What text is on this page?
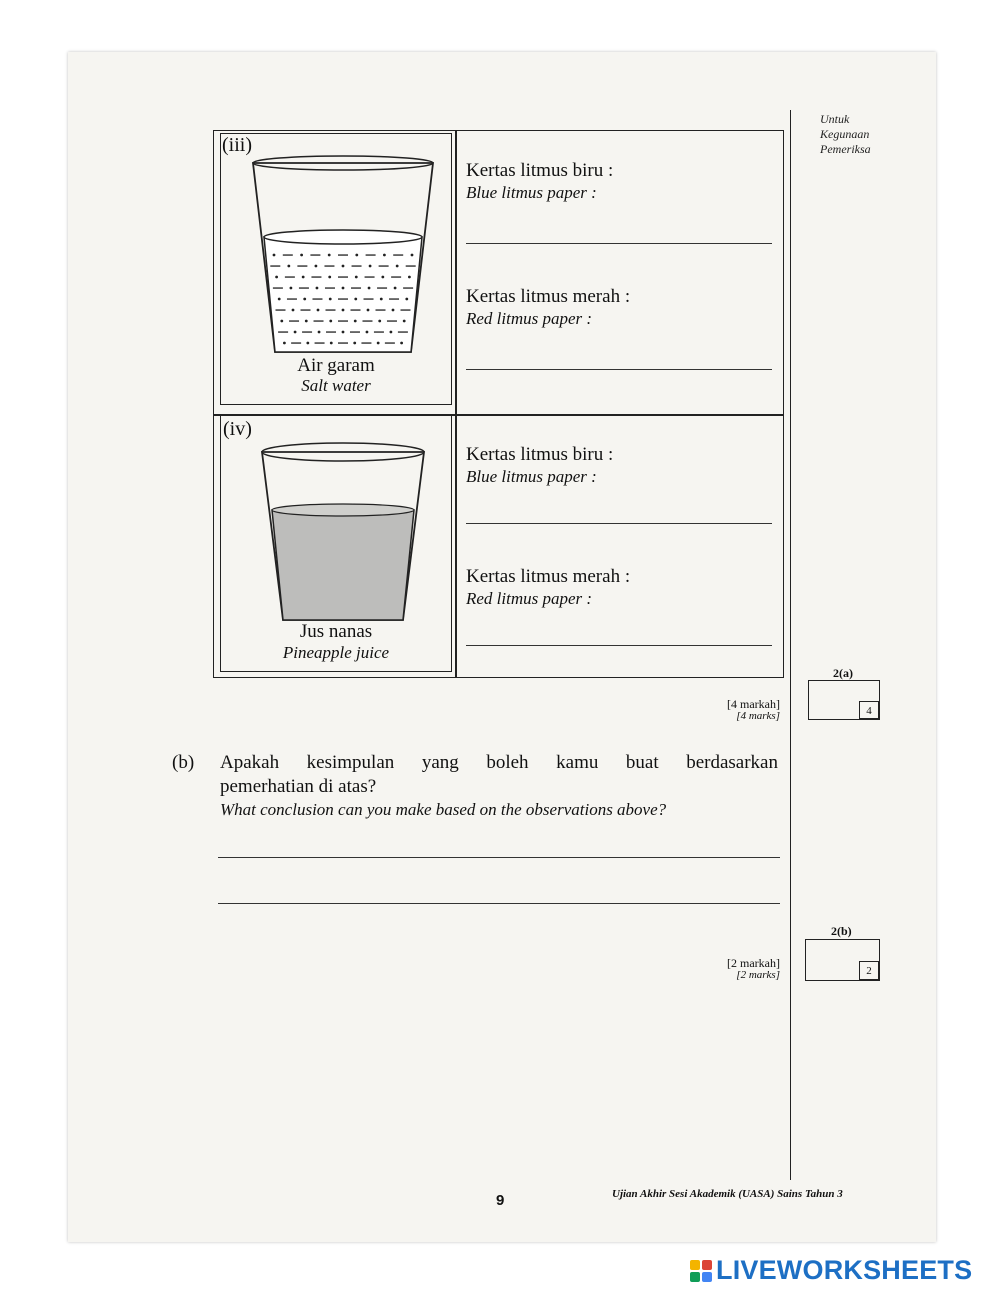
Untuk
Kegunaan
Pemeriksa
(iii)
Air garam
Salt water
Kertas litmus biru :
Blue litmus paper :
Kertas litmus merah :
Red litmus paper :
(iv)
Jus nanas
Pineapple juice
Kertas litmus biru :
Blue litmus paper :
Kertas litmus merah :
Red litmus paper :
2(a)
4
[4 markah]
[4 marks]
(b) Apakah kesimpulan yang boleh kamu buat berdasarkan
pemerhatian di atas?
What conclusion can you make based on the observations above?
2(b)
2
[2 markah]
[2 marks]
9	Ujian Akhir Sesi Akademik (UASA) Sains Tahun 3
LIVEWORKSHEETS
